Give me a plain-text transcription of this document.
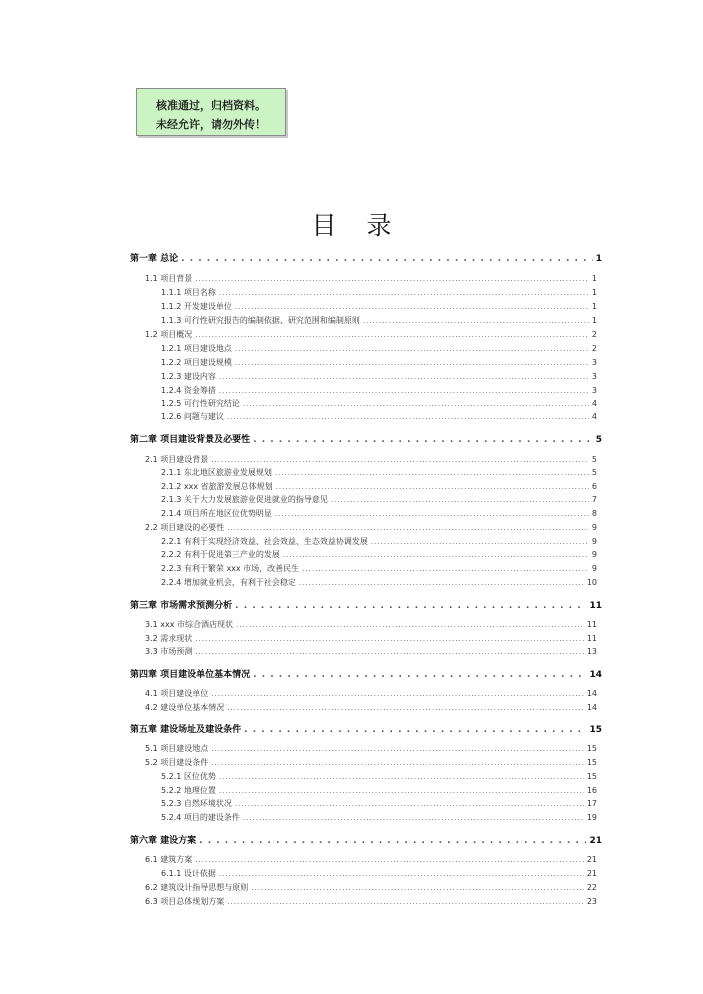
核准通过，归档资料。
未经允许，请勿外传！
目录
第一章 总论 . . .	1
1.1 项目背景 . . .	1
1.1.1 项目名称 . . .	1
1.1.2 开发建设单位 . . .	1
1.1.3 可行性研究报告的编制依据、研究范围和编制原则 . . .	1
1.2 项目概况 . . .	2
1.2.1 项目建设地点 . . .	2
1.2.2 项目建设规模 . . .	3
1.2.3 建设内容 . . .	3
1.2.4 资金筹措 . . .	3
1.2.5 可行性研究结论 . . .	4
1.2.6 问题与建议 . . .	4
第二章 项目建设背景及必要性 . . .	5
2.1 项目建设背景 . . .	5
2.1.1 东北地区旅游业发展规划 . . .	5
2.1.2 xxx 省旅游发展总体规划 . . .	6
2.1.3 关于大力发展旅游业促进就业的指导意见 . . .	7
2.1.4 项目所在地区位优势明显 . . .	8
2.2 项目建设的必要性 . . .	9
2.2.1 有利于实现经济效益、社会效益、生态效益协调发展 . . .	9
2.2.2 有利于促进第三产业的发展 . . .	9
2.2.3 有利于繁荣 xxx 市场，改善民生 . . .	9
2.2.4 增加就业机会，有利于社会稳定 . . .	10
第三章 市场需求预测分析 . . .	11
3.1 xxx 市综合酒店现状 . . .	11
3.2 需求现状 . . .	11
3.3 市场预测 . . .	13
第四章 项目建设单位基本情况 . . .	14
4.1 项目建设单位 . . .	14
4.2 建设单位基本情况 . . .	14
第五章 建设场址及建设条件 . . .	15
5.1 项目建设地点 . . .	15
5.2 项目建设条件 . . .	15
5.2.1 区位优势 . . .	15
5.2.2 地理位置 . . .	16
5.2.3 自然环境状况 . . .	17
5.2.4 项目的建设条件 . . .	19
第六章 建设方案 . . .	21
6.1 建筑方案 . . .	21
6.1.1 设计依据 . . .	21
6.2 建筑设计指导思想与原则 . . .	22
6.3 项目总体规划方案 . . .	23
